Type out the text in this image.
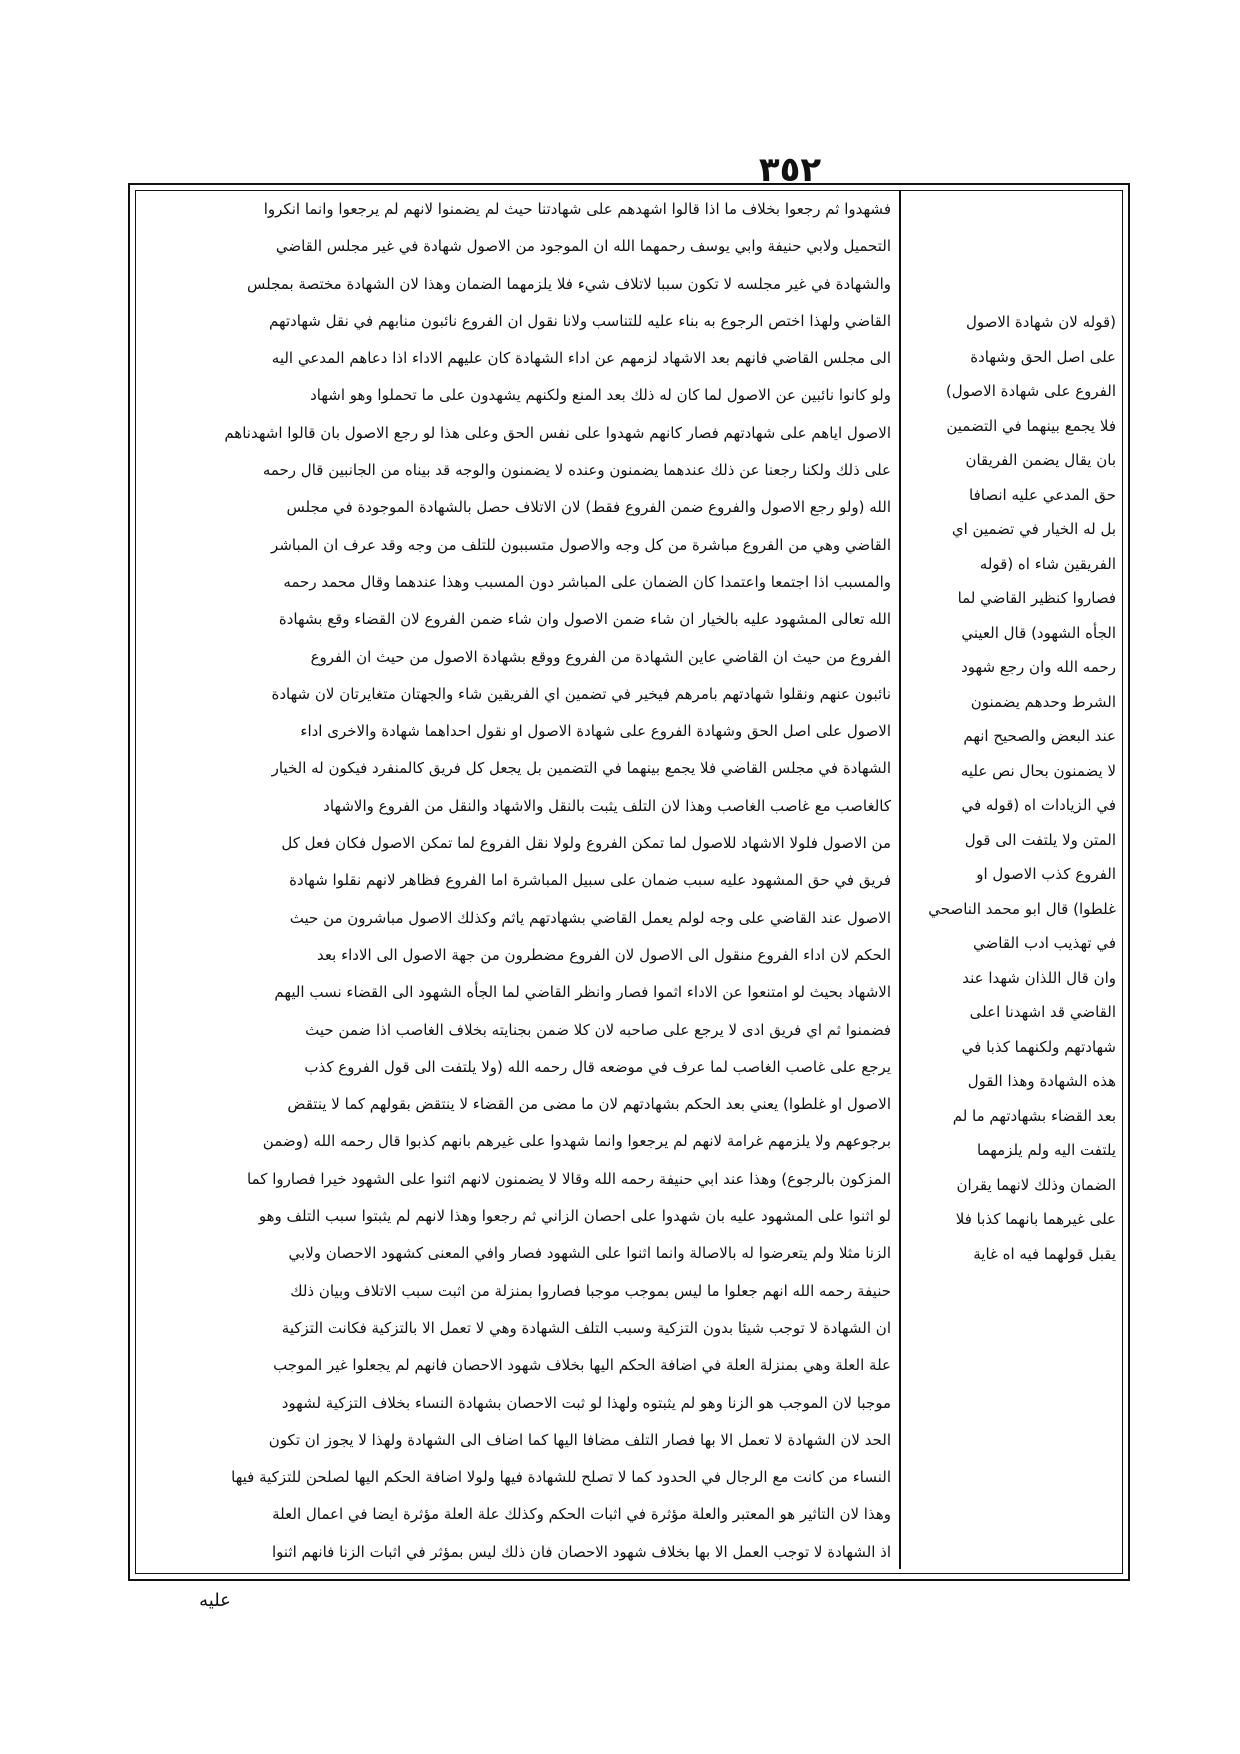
٣٥٢
فشهدوا ثم رجعوا بخلاف ما اذا قالوا اشهدهم على شهادتنا حيث لم يضمنوا لانهم لم يرجعوا وانما انكروا
التحميل ولابي حنيفة وابي يوسف رحمهما الله ان الموجود من الاصول شهادة في غير مجلس القاضي
والشهادة في غير مجلسه لا تكون سببا لاتلاف شيء فلا يلزمهما الضمان وهذا لان الشهادة مختصة بمجلس
القاضي ولهذا اختص الرجوع به بناء عليه للتناسب ولانا نقول ان الفروع نائبون منابهم في نقل شهادتهم
الى مجلس القاضي فانهم بعد الاشهاد لزمهم عن اداء الشهادة كان عليهم الاداء اذا دعاهم المدعي اليه
ولو كانوا نائبين عن الاصول لما كان له ذلك بعد المنع ولكنهم يشهدون على ما تحملوا وهو اشهاد
الاصول اياهم على شهادتهم فصار كانهم شهدوا على نفس الحق وعلى هذا لو رجع الاصول بان قالوا اشهدناهم
على ذلك ولكنا رجعنا عن ذلك عندهما يضمنون وعنده لا يضمنون والوجه قد بيناه من الجانبين قال رحمه
الله (ولو رجع الاصول والفروع ضمن الفروع فقط) لان الاتلاف حصل بالشهادة الموجودة في مجلس
القاضي وهي من الفروع مباشرة من كل وجه والاصول متسببون للتلف من وجه وقد عرف ان المباشر
والمسبب اذا اجتمعا واعتمدا كان الضمان على المباشر دون المسبب وهذا عندهما وقال محمد رحمه
الله تعالى المشهود عليه بالخيار ان شاء ضمن الاصول وان شاء ضمن الفروع لان القضاء وقع بشهادة
الفروع من حيث ان القاضي عاين الشهادة من الفروع ووقع بشهادة الاصول من حيث ان الفروع
نائبون عنهم ونقلوا شهادتهم بامرهم فيخير في تضمين اي الفريقين شاء والجهتان متغايرتان لان شهادة
الاصول على اصل الحق وشهادة الفروع على شهادة الاصول او نقول احداهما شهادة والاخرى اداء
الشهادة في مجلس القاضي فلا يجمع بينهما في التضمين بل يجعل كل فريق كالمنفرد فيكون له الخيار
كالغاصب مع غاصب الغاصب وهذا لان التلف يثبت بالنقل والاشهاد والنقل من الفروع والاشهاد
من الاصول فلولا الاشهاد للاصول لما تمكن الفروع ولولا نقل الفروع لما تمكن الاصول فكان فعل كل
فريق في حق المشهود عليه سبب ضمان على سبيل المباشرة اما الفروع فظاهر لانهم نقلوا شهادة
الاصول عند القاضي على وجه لولم يعمل القاضي بشهادتهم ياثم وكذلك الاصول مباشرون من حيث
الحكم لان اداء الفروع منقول الى الاصول لان الفروع مضطرون من جهة الاصول الى الاداء بعد
الاشهاد بحيث لو امتنعوا عن الاداء اثموا فصار وانظر القاضي لما الجأه الشهود الى القضاء نسب اليهم
فضمنوا ثم اي فريق ادى لا يرجع على صاحبه لان كلا ضمن بجنايته بخلاف الغاصب اذا ضمن حيث
يرجع على غاصب الغاصب لما عرف في موضعه قال رحمه الله (ولا يلتفت الى قول الفروع كذب
الاصول او غلطوا) يعني بعد الحكم بشهادتهم لان ما مضى من القضاء لا ينتقض بقولهم كما لا ينتقض
برجوعهم ولا يلزمهم غرامة لانهم لم يرجعوا وانما شهدوا على غيرهم بانهم كذبوا قال رحمه الله (وضمن
المزكون بالرجوع) وهذا عند ابي حنيفة رحمه الله وقالا لا يضمنون لانهم اثنوا على الشهود خيرا فصاروا كما
لو اثنوا على المشهود عليه بان شهدوا على احصان الزاني ثم رجعوا وهذا لانهم لم يثبتوا سبب التلف وهو
الزنا مثلا ولم يتعرضوا له بالاصالة وانما اثنوا على الشهود فصار وافي المعنى كشهود الاحصان ولابي
حنيفة رحمه الله انهم جعلوا ما ليس بموجب موجبا فصاروا بمنزلة من اثبت سبب الاتلاف وبيان ذلك
ان الشهادة لا توجب شيئا بدون التزكية وسبب التلف الشهادة وهي لا تعمل الا بالتزكية فكانت التزكية
علة العلة وهي بمنزلة العلة في اضافة الحكم اليها بخلاف شهود الاحصان فانهم لم يجعلوا غير الموجب
موجبا لان الموجب هو الزنا وهو لم يثبتوه ولهذا لو ثبت الاحصان بشهادة النساء بخلاف التزكية لشهود
الحد لان الشهادة لا تعمل الا بها فصار التلف مضافا اليها كما اضاف الى الشهادة ولهذا لا يجوز ان تكون
النساء من كانت مع الرجال في الحدود كما لا تصلح للشهادة فيها ولولا اضافة الحكم اليها لصلحن للتزكية فيها
وهذا لان التاثير هو المعتبر والعلة مؤثرة في اثبات الحكم وكذلك علة العلة مؤثرة ايضا في اعمال العلة
اذ الشهادة لا توجب العمل الا بها بخلاف شهود الاحصان فان ذلك ليس بمؤثر في اثبات الزنا فانهم اثنوا
(قوله لان شهادة الاصول
على اصل الحق وشهادة
الفروع على شهادة الاصول)
فلا يجمع بينهما في التضمين
بان يقال يضمن الفريقان
حق المدعي عليه انصافا
بل له الخيار في تضمين اي
الفريقين شاء اه (قوله
فصاروا كنظير القاضي لما
الجأه الشهود) قال العيني
رحمه الله وان رجع شهود
الشرط وحدهم يضمنون
عند البعض والصحيح انهم
لا يضمنون بحال نص عليه
في الزيادات اه (قوله في
المتن ولا يلتفت الى قول
الفروع كذب الاصول او
غلطوا) قال ابو محمد الناصحي
في تهذيب ادب القاضي
وان قال اللذان شهدا عند
القاضي قد اشهدنا اعلى
شهادتهم ولكنهما كذبا في
هذه الشهادة وهذا القول
بعد القضاء بشهادتهم ما لم
يلتفت اليه ولم يلزمهما
الضمان وذلك لانهما يقران
على غيرهما بانهما كذبا فلا
يقبل قولهما فيه اه غاية
عليه
